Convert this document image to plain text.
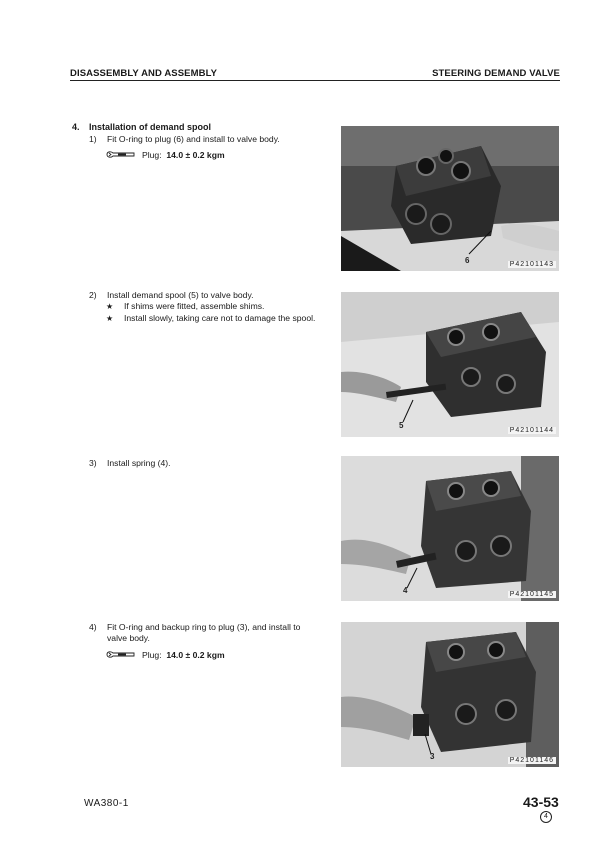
DISASSEMBLY AND ASSEMBLY	STEERING DEMAND VALVE
4. Installation of demand spool
1)	Fit O-ring to plug (6) and install to valve body.
Plug: 14.0 ± 0.2 kgm
2)	Install demand spool (5) to valve body.
★	If shims were fitted, assemble shims.
★	Install slowly, taking care not to damage the spool.
3)	Install spring (4).
4)	Fit O-ring and backup ring to plug (3), and install to valve body.
Plug: 14.0 ± 0.2 kgm
6	P42101143
5
P42101144
4	P42101145
3	P42101146
WA380-1	43-53
4
